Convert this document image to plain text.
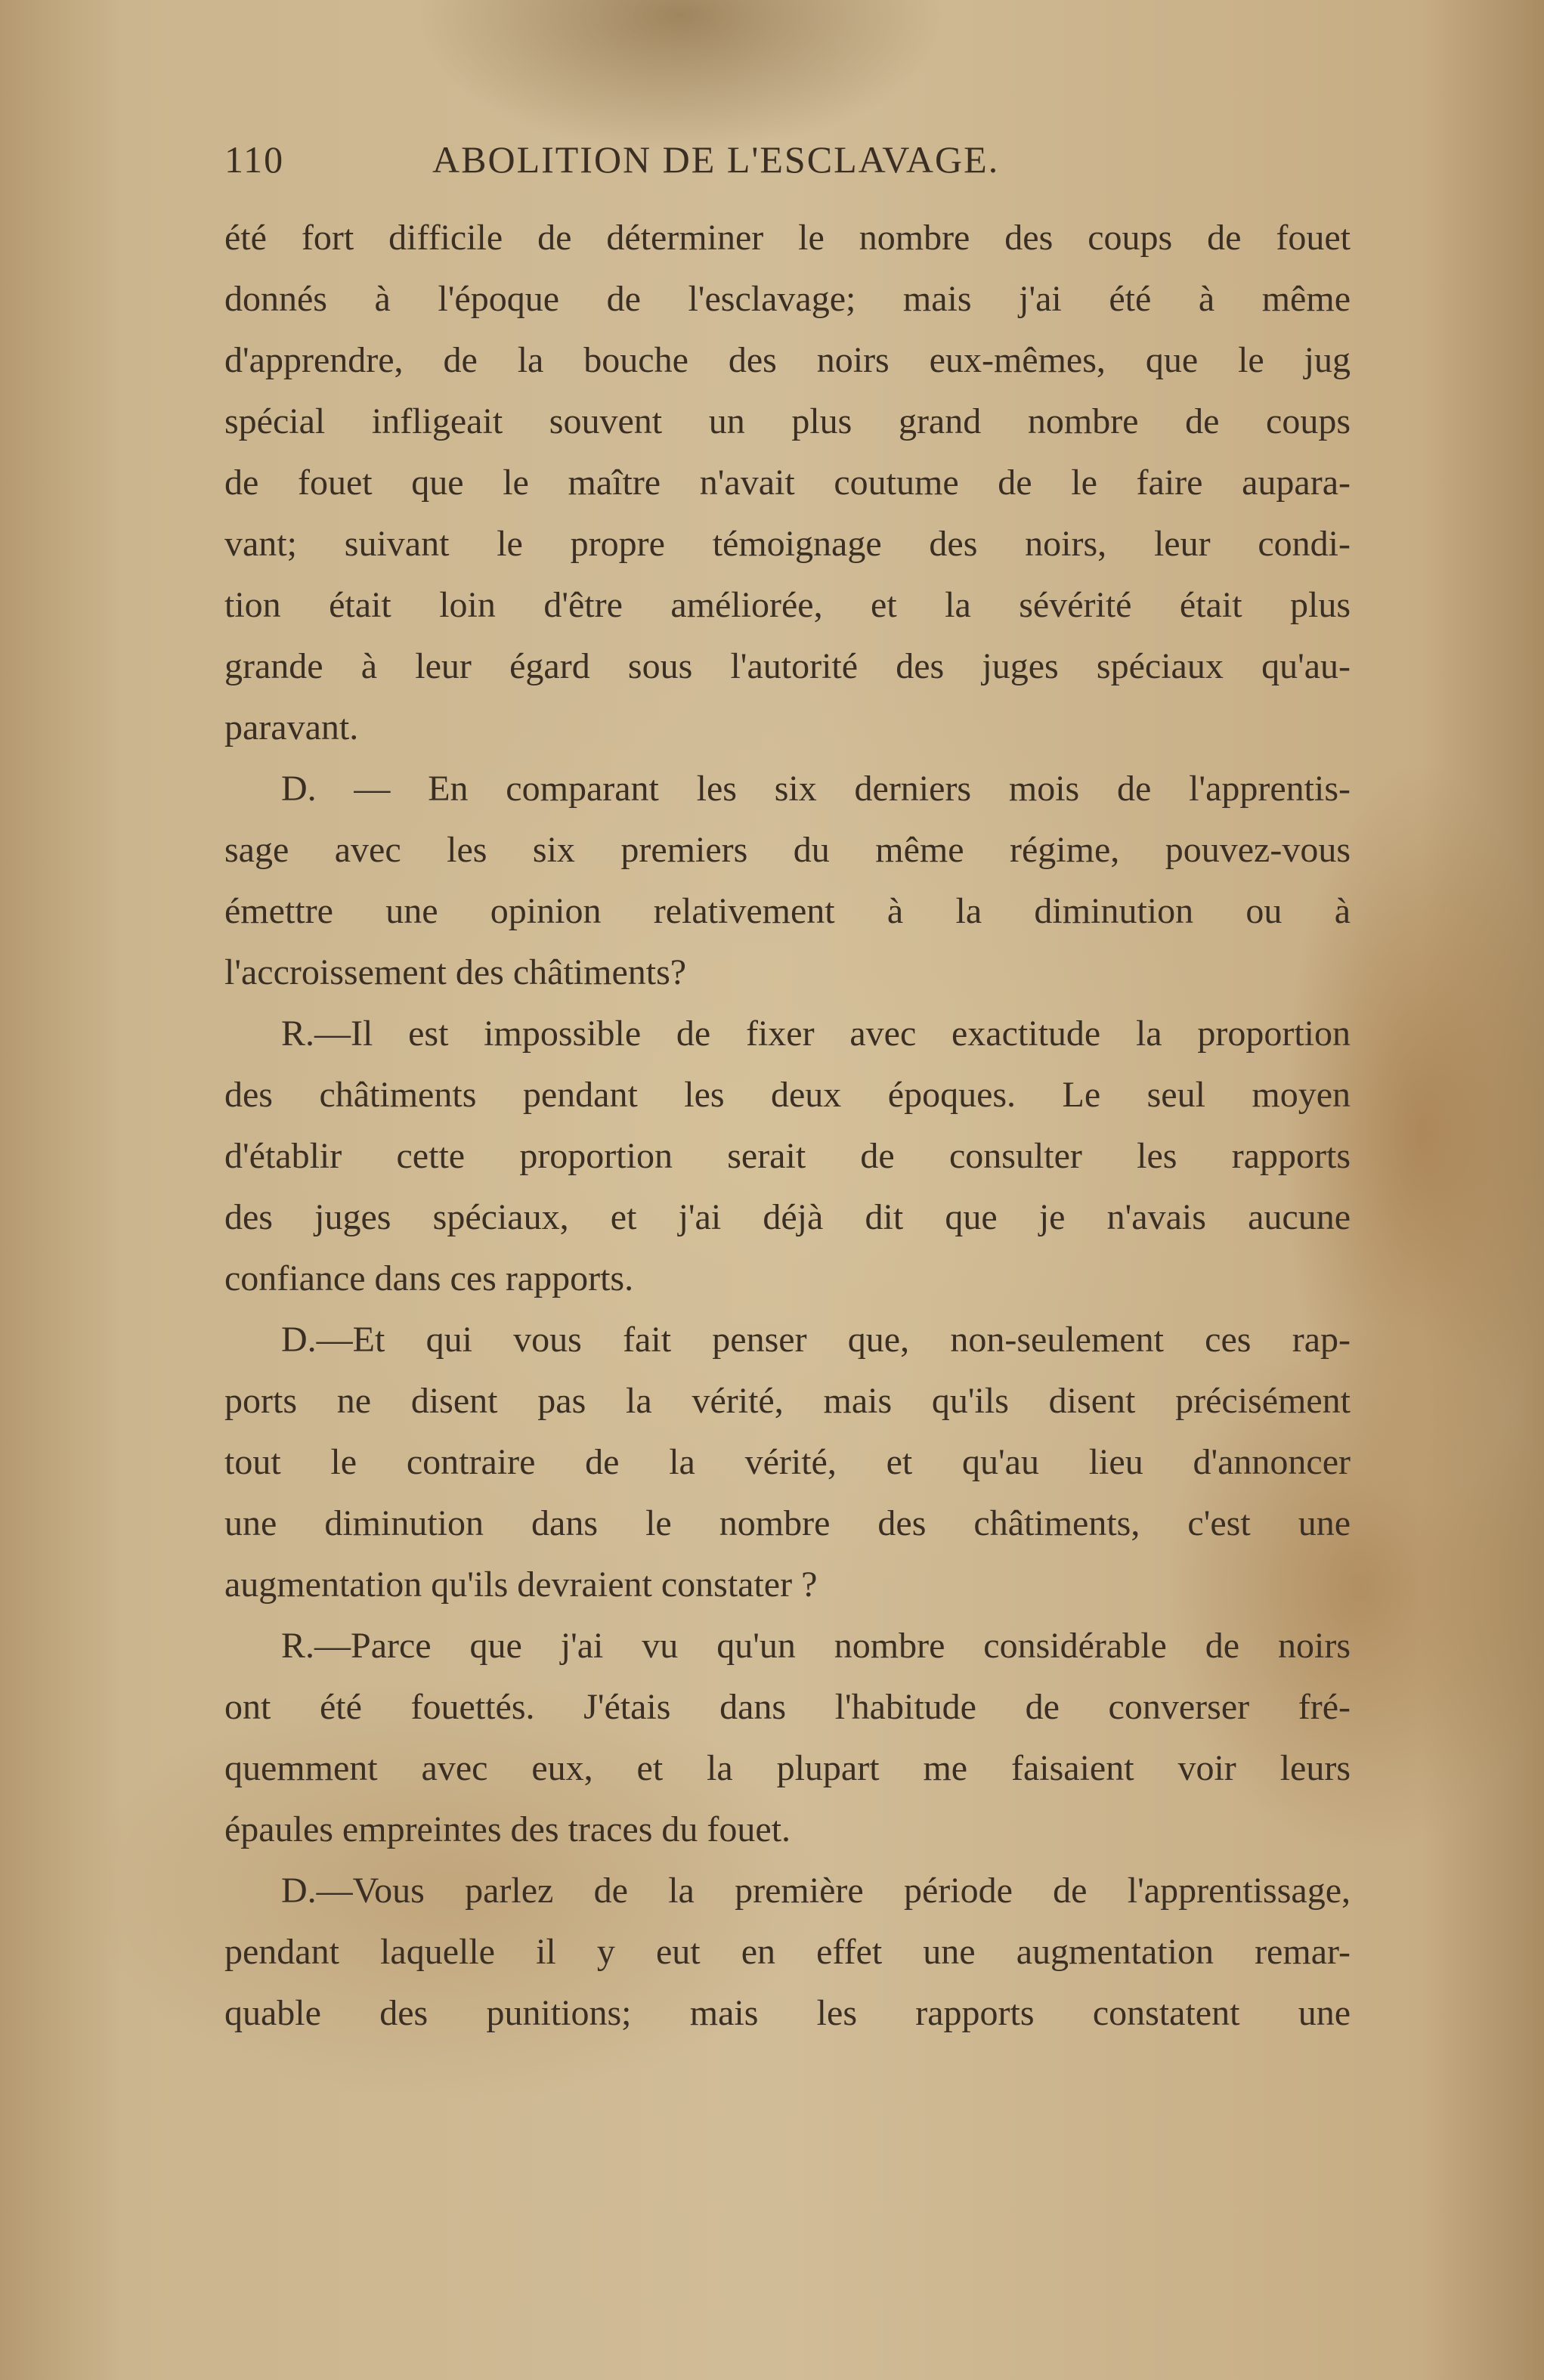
110	ABOLITION DE L'ESCLAVAGE.
été fort difficile de déterminer le nombre des coups de fouet
donnés à l'époque de l'esclavage; mais j'ai été à même
d'apprendre, de la bouche des noirs eux-mêmes, que le jug
spécial infligeait souvent un plus grand nombre de coups
de fouet que le maître n'avait coutume de le faire aupara-
vant; suivant le propre témoignage des noirs, leur condi-
tion était loin d'être améliorée, et la sévérité était plus
grande à leur égard sous l'autorité des juges spéciaux qu'au-
paravant.
D. — En comparant les six derniers mois de l'apprentis-
sage avec les six premiers du même régime, pouvez-vous
émettre une opinion relativement à la diminution ou à
l'accroissement des châtiments?
R.—Il est impossible de fixer avec exactitude la proportion
des châtiments pendant les deux époques. Le seul moyen
d'établir cette proportion serait de consulter les rapports
des juges spéciaux, et j'ai déjà dit que je n'avais aucune
confiance dans ces rapports.
D.—Et qui vous fait penser que, non-seulement ces rap-
ports ne disent pas la vérité, mais qu'ils disent précisément
tout le contraire de la vérité, et qu'au lieu d'annoncer
une diminution dans le nombre des châtiments, c'est une
augmentation qu'ils devraient constater ?
R.—Parce que j'ai vu qu'un nombre considérable de noirs
ont été fouettés. J'étais dans l'habitude de converser fré-
quemment avec eux, et la plupart me faisaient voir leurs
épaules empreintes des traces du fouet.
D.—Vous parlez de la première période de l'apprentissage,
pendant laquelle il y eut en effet une augmentation remar-
quable des punitions; mais les rapports constatent une
